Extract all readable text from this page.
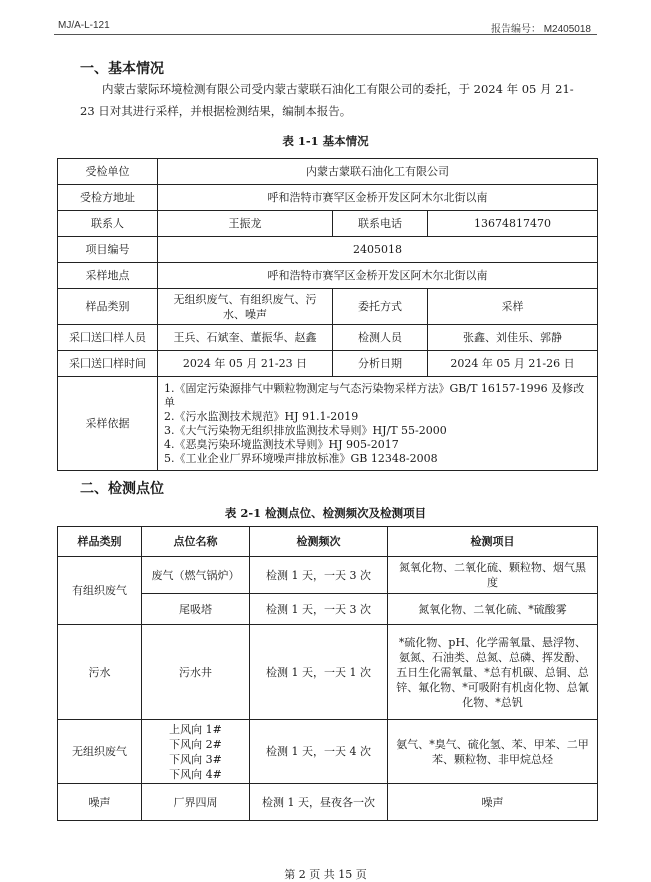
MJ/A-L-121	报告编号： M2405018
一、基本情况
内蒙古蒙际环境检测有限公司受内蒙古蒙联石油化工有限公司的委托，于 2024 年 05 月 21-23 日对其进行采样，并根据检测结果，编制本报告。
表 1-1 基本情况
受检单位	内蒙古蒙联石油化工有限公司		
受检方地址	呼和浩特市赛罕区金桥开发区阿木尔北街以南		
联系人	王振龙	联系电话	13674817470
项目编号	2405018		
采样地点	呼和浩特市赛罕区金桥开发区阿木尔北街以南		
样品类别	无组织废气、有组织废气、污水、噪声	委托方式	采样
采囗送囗样人员	王兵、石斌奎、董振华、赵鑫	检测人员	张鑫、刘佳乐、郭静
采囗送囗样时间	2024 年 05 月 21-23 日	分析日期	2024 年 05 月 21-26 日
采样依据	1.《固定污染源排气中颗粒物测定与气态污染物采样方法》GB/T 16157-1996 及修改单
2.《污水监测技术规范》HJ 91.1-2019
3.《大气污染物无组织排放监测技术导则》HJ/T 55-2000
4.《恶臭污染环境监测技术导则》HJ 905-2017
5.《工业企业厂界环境噪声排放标准》GB 12348-2008		
二、检测点位
表 2-1 检测点位、检测频次及检测项目
样品类别	点位名称	检测频次	检测项目
有组织废气	废气（燃气锅炉）	检测 1 天，一天 3 次	氮氧化物、二氧化硫、颗粒物、烟气黑度
	尾吸塔	检测 1 天，一天 3 次	氮氧化物、二氧化硫、*硫酸雾
污水	污水井	检测 1 天，一天 1 次	*硫化物、pH、化学需氧量、悬浮物、氨氮、石油类、总氮、总磷、挥发酚、五日生化需氧量、*总有机碳、总铜、总锌、氟化物、*可吸附有机卤化物、总氰化物、*总钒
无组织废气	上风向 1#
下风向 2#
下风向 3#
下风向 4#	检测 1 天，一天 4 次	氨气、*臭气、硫化氢、苯、甲苯、二甲苯、颗粒物、非甲烷总烃
噪声	厂界四周	检测 1 天，昼夜各一次	噪声
第 2 页 共 15 页
